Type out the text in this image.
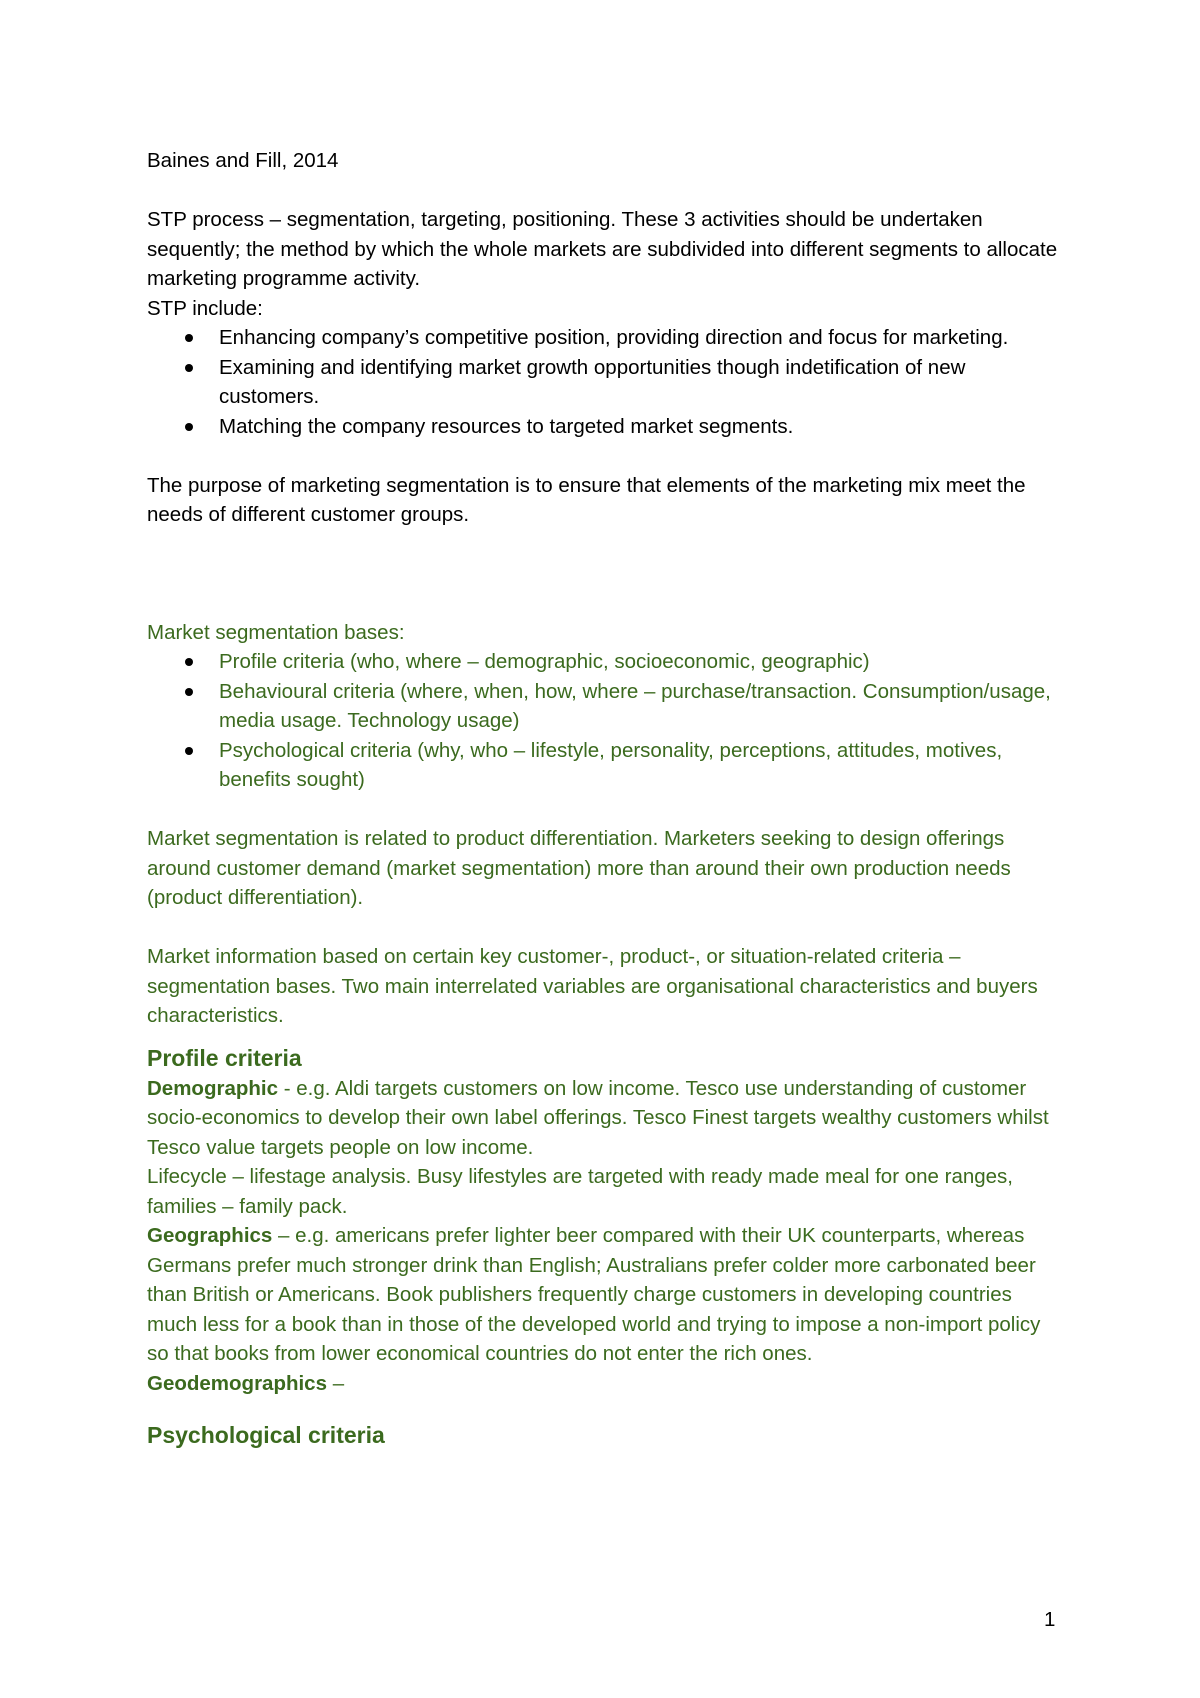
Baines and Fill, 2014

STP process – segmentation, targeting, positioning. These 3 activities should be undertaken sequently; the method by which the whole markets are subdivided into different segments to allocate marketing programme activity.

STP include:

Enhancing company’s competitive position, providing direction and focus for marketing.
Examining and identifying market growth opportunities though indetification of new customers.
Matching the company resources to targeted market segments.

The purpose of marketing segmentation is to ensure that elements of the marketing mix meet the needs of different customer groups.

Market segmentation bases:

Profile criteria (who, where – demographic, socioeconomic, geographic)
Behavioural criteria (where, when, how, where – purchase/transaction. Consumption/usage, media usage. Technology usage)
Psychological criteria (why, who – lifestyle, personality, perceptions, attitudes, motives, benefits sought)

Market segmentation is related to product differentiation. Marketers seeking to design offerings around customer demand (market segmentation) more than around their own production needs (product differentiation).

Market information based on certain key customer-, product-, or situation-related criteria – segmentation bases. Two main interrelated variables are organisational characteristics and buyers characteristics.

Profile criteria

Demographic - e.g. Aldi targets customers on low income. Tesco use understanding of customer socio-economics to develop their own label offerings. Tesco Finest targets wealthy customers whilst Tesco value targets people on low income.

Lifecycle – lifestage analysis. Busy lifestyles are targeted with ready made meal for one ranges, families – family pack.

Geographics – e.g. americans prefer lighter beer compared with their UK counterparts, whereas Germans prefer much stronger drink than English; Australians prefer colder more carbonated beer than British or Americans. Book publishers frequently charge customers in developing countries much less for a book than in those of the developed world and trying to impose a non-import policy so that books from lower economical countries do not enter the rich ones.

Geodemographics –

Psychological criteria
1
